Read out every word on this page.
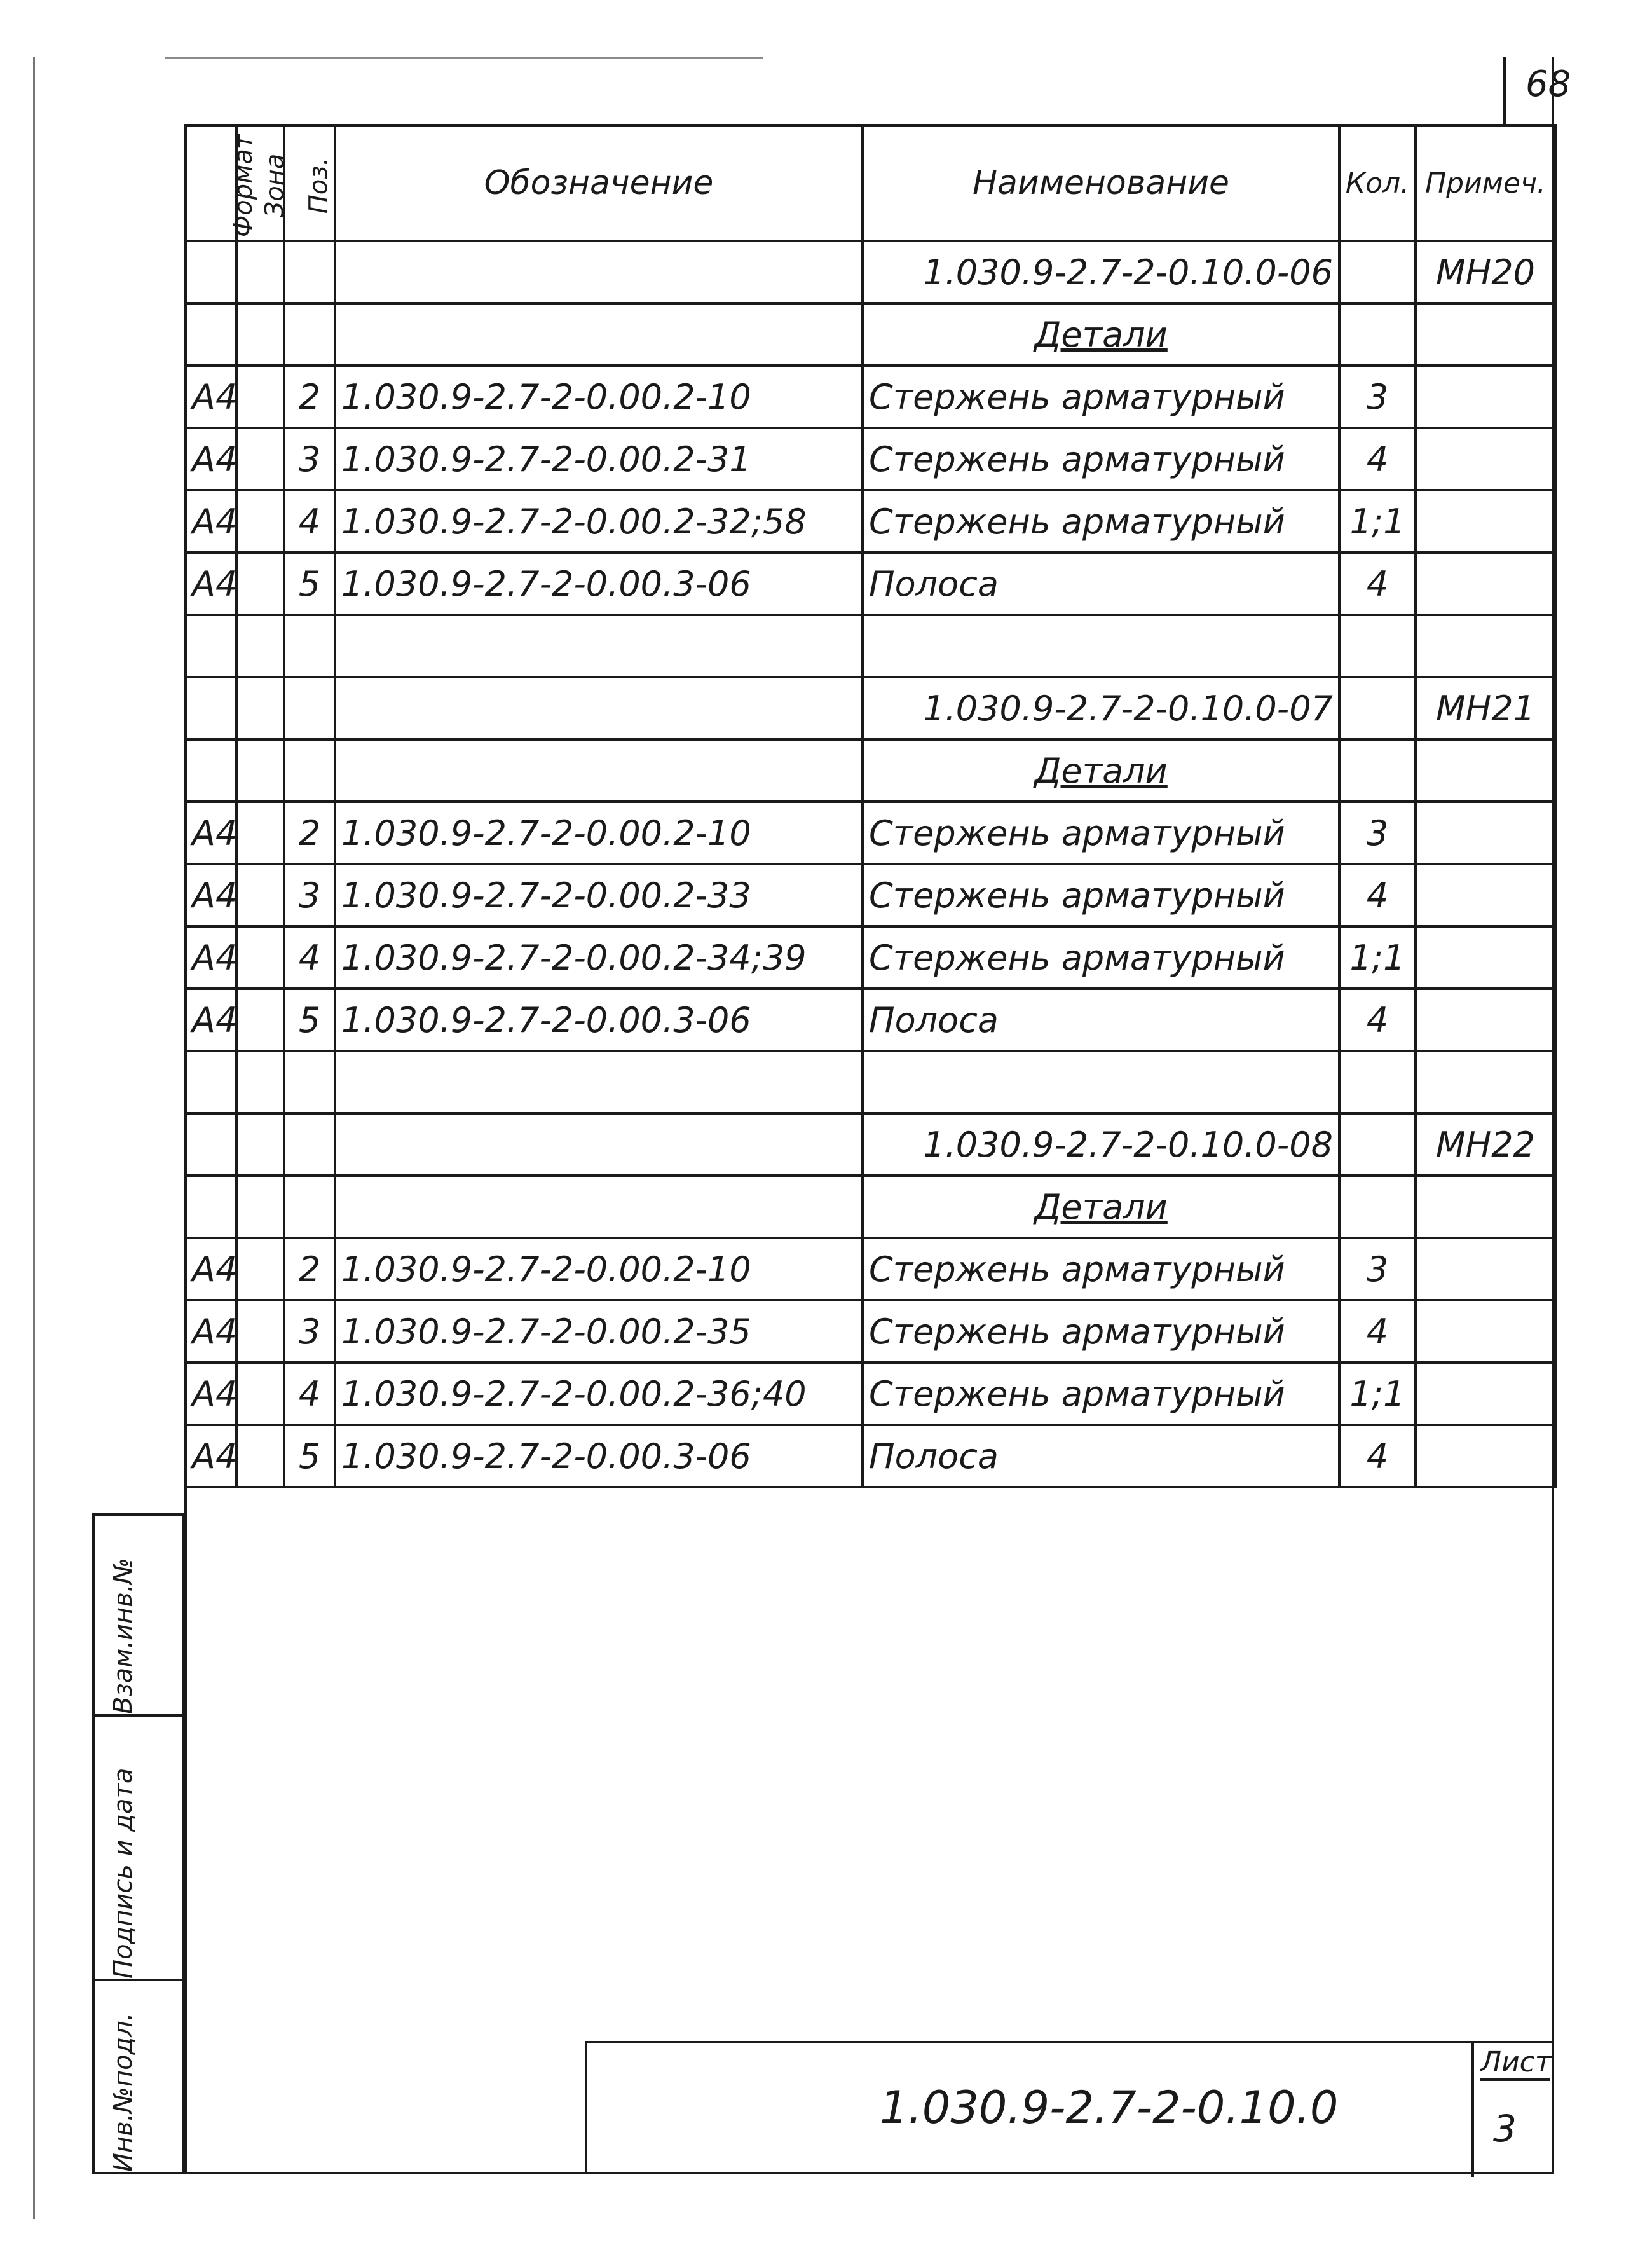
68
Формат	Зона	Поз.	Обозначение	Наименование	Кол.	Примеч.
				1.030.9-2.7-2-0.10.0-06		МН20
				Детали		
А4		2	1.030.9-2.7-2-0.00.2-10	Стержень арматурный	3	
А4		3	1.030.9-2.7-2-0.00.2-31	Стержень арматурный	4	
А4		4	1.030.9-2.7-2-0.00.2-32;58	Стержень арматурный	1;1	
А4		5	1.030.9-2.7-2-0.00.3-06	Полоса	4	

				1.030.9-2.7-2-0.10.0-07		МН21
				Детали		
А4		2	1.030.9-2.7-2-0.00.2-10	Стержень арматурный	3	
А4		3	1.030.9-2.7-2-0.00.2-33	Стержень арматурный	4	
А4		4	1.030.9-2.7-2-0.00.2-34;39	Стержень арматурный	1;1	
А4		5	1.030.9-2.7-2-0.00.3-06	Полоса	4	

				1.030.9-2.7-2-0.10.0-08		МН22
				Детали		
А4		2	1.030.9-2.7-2-0.00.2-10	Стержень арматурный	3	
А4		3	1.030.9-2.7-2-0.00.2-35	Стержень арматурный	4	
А4		4	1.030.9-2.7-2-0.00.2-36;40	Стержень арматурный	1;1	
А4		5	1.030.9-2.7-2-0.00.3-06	Полоса	4	
Взам.инв.№
Подпись и дата
Инв.№подл.	1.030.9-2.7-2-0.10.0
Лист
3
